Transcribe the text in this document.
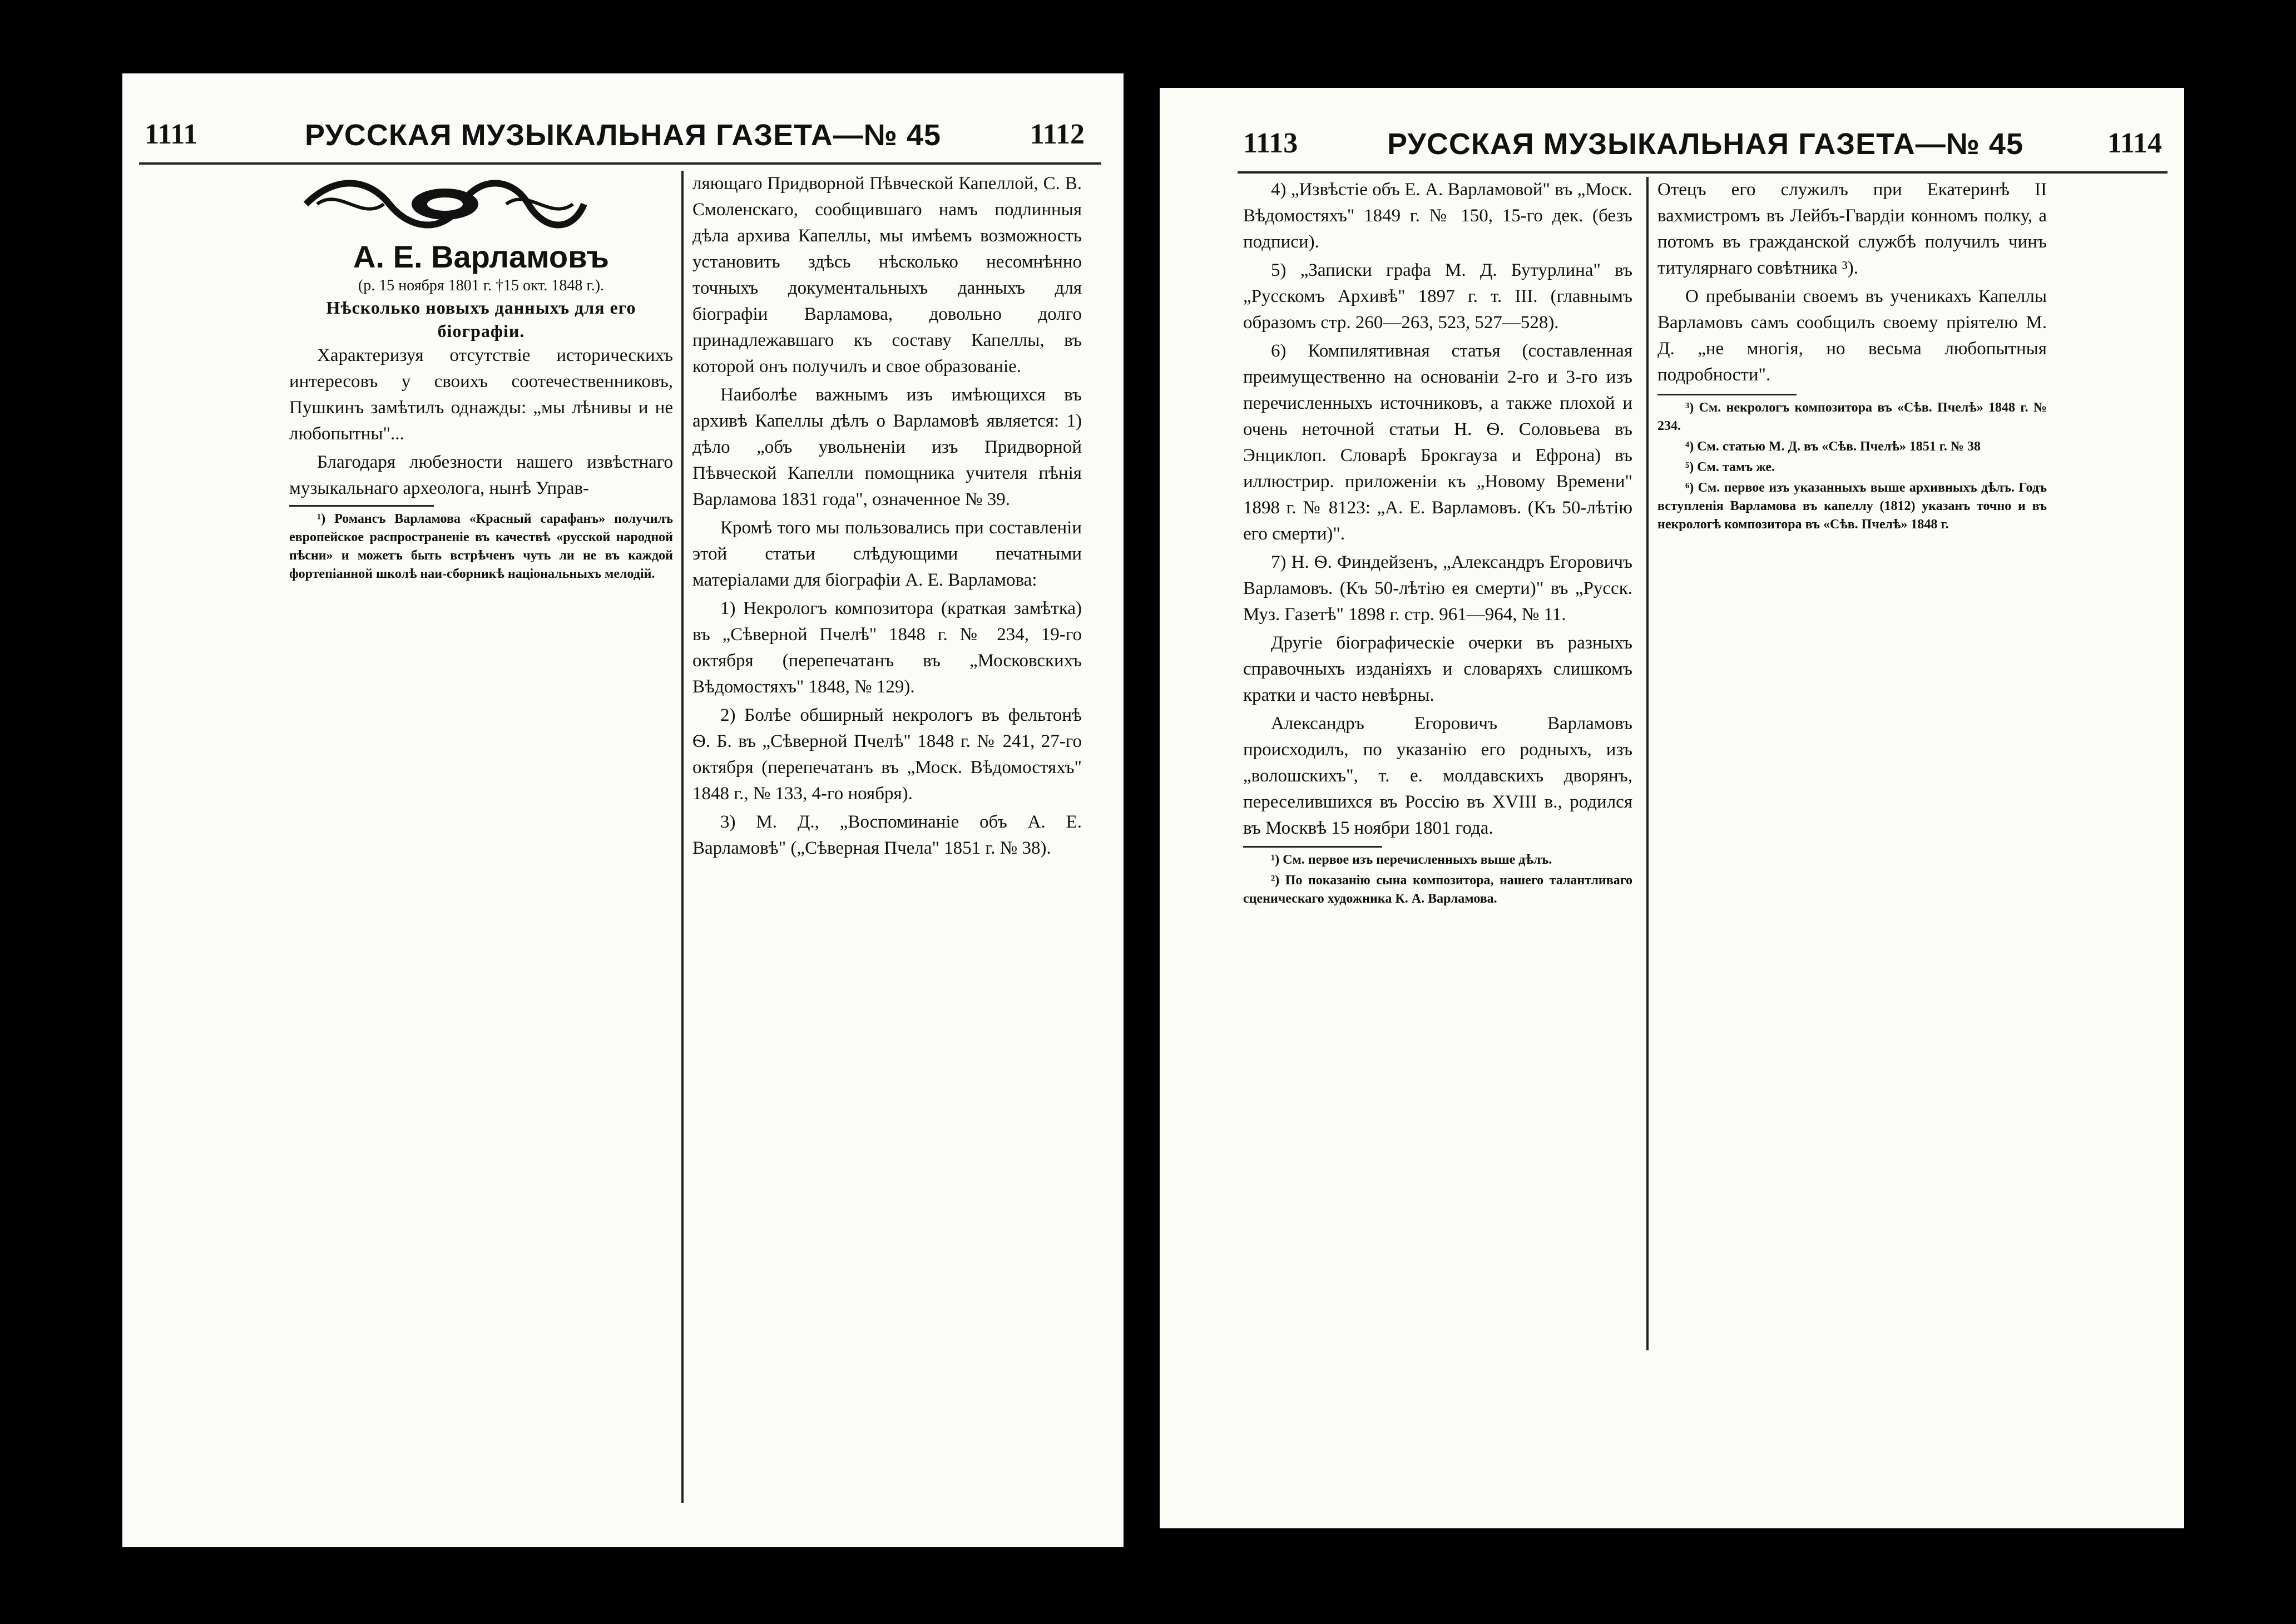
1111	РУССКАЯ МУЗЫКАЛЬНАЯ ГАЗЕТА—№ 45	1112
А. Е. Варламовъ
(р. 15 ноября 1801 г. †15 окт. 1848 г.).
Нѣсколько новыхъ данныхъ для его біографіи.

Характеризуя отсутствіе историческихъ интересовъ у своихъ соотечественниковъ, Пушкинъ замѣтилъ однажды: „мы лѣнивы и не любопытны"...

Благодаря любезности нашего извѣстнаго музыкальнаго археолога, нынѣ Управ-

¹) Романсъ Варламова «Красный сарафанъ» получилъ европейское распространеніе въ качествѣ «русской народной пѣсни» и можетъ быть встрѣченъ чуть ли не въ каждой фортепіанной школѣ наи-сборникѣ національныхъ мелодій.

ляющаго Придворной Пѣвческой Капеллой, С. В. Смоленскаго, сообщившаго намъ подлинныя дѣла архива Капеллы, мы имѣемъ возможность установить здѣсь нѣсколько несомнѣнно точныхъ документальныхъ данныхъ для біографіи Варламова, довольно долго принадлежавшаго къ составу Капеллы, въ которой онъ получилъ и свое образованіе.

Наиболѣе важнымъ изъ имѣющихся въ архивѣ Капеллы дѣлъ о Варламовѣ является: 1) дѣло „объ увольненіи изъ Придворной Пѣвческой Капелли помощника учителя пѣнія Варламова 1831 года", означенное № 39.

Кромѣ того мы пользовались при составленіи этой статьи слѣдующими печатными матеріалами для біографіи А. Е. Варламова:

1) Некрологъ композитора (краткая замѣтка) въ „Сѣверной Пчелѣ" 1848 г. № 234, 19-го октября (перепечатанъ въ „Московскихъ Вѣдомостяхъ" 1848, № 129).

2) Болѣе обширный некрологъ въ фельтонѣ Ѳ. Б. въ „Сѣверной Пчелѣ" 1848 г. № 241, 27-го октября (перепечатанъ въ „Моск. Вѣдомостяхъ" 1848 г., № 133, 4-го ноября).

3) М. Д., „Воспоминаніе объ А. Е. Варламовѣ" („Сѣверная Пчела" 1851 г. № 38).

1113	РУССКАЯ МУЗЫКАЛЬНАЯ ГАЗЕТА—№ 45	1114

4) „Извѣстіе объ Е. А. Варламовой" въ „Моск. Вѣдомостяхъ" 1849 г. № 150, 15-го дек. (безъ подписи).

5) „Записки графа М. Д. Бутурлина" въ „Русскомъ Архивѣ" 1897 г. т. III. (главнымъ образомъ стр. 260—263, 523, 527—528).

6) Компилятивная статья (составленная преимущественно на основаніи 2-го и 3-го изъ перечисленныхъ источниковъ, а также плохой и очень неточной статьи Н. Ѳ. Соловьева въ Энциклоп. Словарѣ Брокгауза и Ефрона) въ иллюстрир. приложеніи къ „Новому Времени" 1898 г. № 8123: „А. Е. Варламовъ. (Къ 50-лѣтію его смерти)".

7) Н. Ѳ. Финдейзенъ, „Александръ Егоровичъ Варламовъ. (Къ 50-лѣтію ея смерти)" въ „Русск. Муз. Газетѣ" 1898 г. стр. 961—964, № 11.

Другіе біографическіе очерки въ разныхъ справочныхъ изданіяхъ и словаряхъ слишкомъ кратки и часто невѣрны.

Александръ Егоровичъ Варламовъ происходилъ, по указанію его родныхъ, изъ „волошскихъ", т. е. молдавскихъ дворянъ, переселившихся въ Россію въ XVIII в., родился въ Москвѣ 15 ноябри 1801 года.

¹) См. первое изъ перечисленныхъ выше дѣлъ.

²) По показанію сына композитора, нашего талантливаго сценическаго художника К. А. Варламова.

Отецъ его служилъ при Екатеринѣ II вахмистромъ въ Лейбъ-Гвардіи конномъ полку, а потомъ въ гражданской службѣ получилъ чинъ титулярнаго совѣтника ³).

О пребываніи своемъ въ ученикахъ Капеллы Варламовъ самъ сообщилъ своему пріятелю М. Д. „не многія, но весьма любопытныя подробности".

³) См. некрологъ композитора въ «Сѣв. Пчелѣ» 1848 г. № 234.

⁴) См. статью М. Д. въ «Сѣв. Пчелѣ» 1851 г. № 38

⁵) См. тамъ же.

⁶) См. первое изъ указанныхъ выше архивныхъ дѣлъ. Годъ вступленія Варламова въ капеллу (1812) указанъ точно и въ некрологѣ композитора въ «Сѣв. Пчелѣ» 1848 г.
